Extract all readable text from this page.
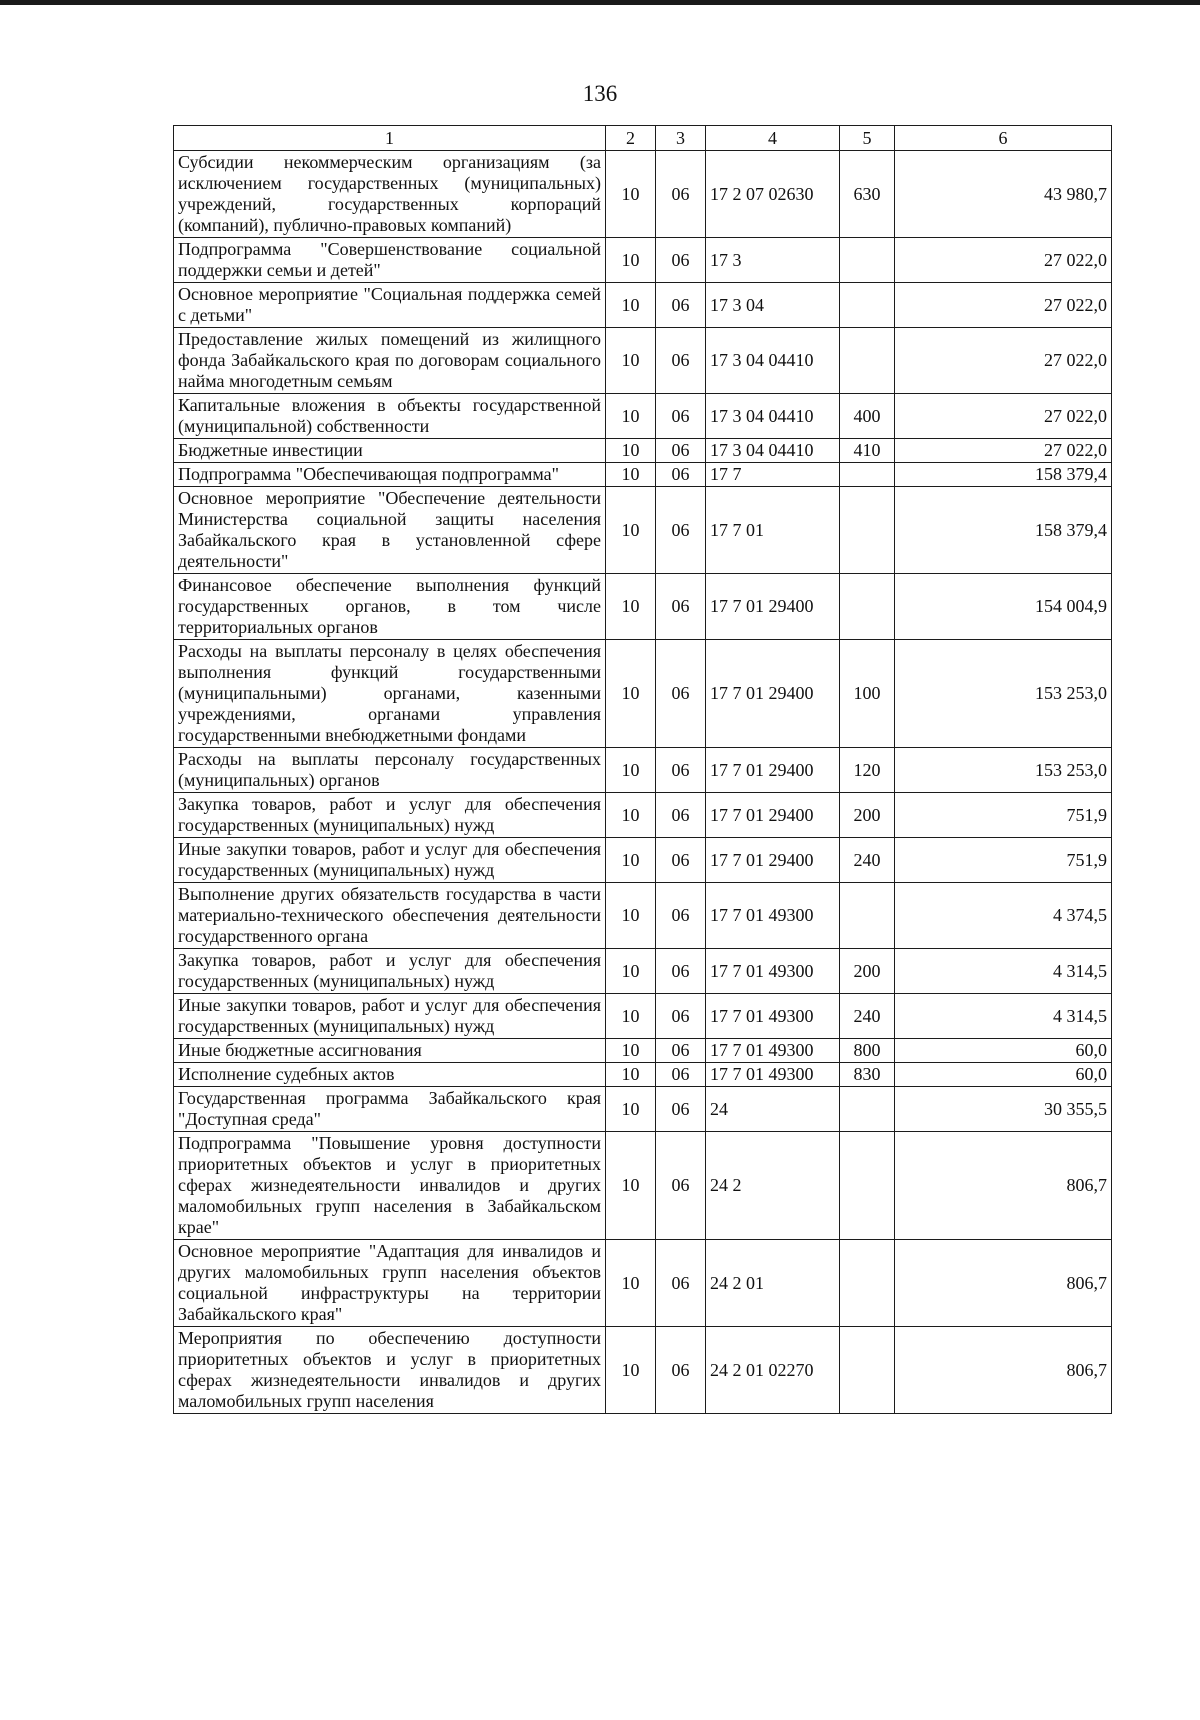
136
1	2	3	4	5	6
Субсидии некоммерческим организациям (за исключением государственных (муниципальных) учреждений, государственных корпораций (компаний), публично-правовых компаний)	10	06	17 2 07 02630	630	43 980,7
Подпрограмма "Совершенствование социальной поддержки семьи и детей"	10	06	17 3		27 022,0
Основное мероприятие "Социальная поддержка семей с детьми"	10	06	17 3 04		27 022,0
Предоставление жилых помещений из жилищного фонда Забайкальского края по договорам социального найма многодетным семьям	10	06	17 3 04 04410		27 022,0
Капитальные вложения в объекты государственной (муниципальной) собственности	10	06	17 3 04 04410	400	27 022,0
Бюджетные инвестиции	10	06	17 3 04 04410	410	27 022,0
Подпрограмма "Обеспечивающая подпрограмма"	10	06	17 7		158 379,4
Основное мероприятие "Обеспечение деятельности Министерства социальной защиты населения Забайкальского края в установленной сфере деятельности"	10	06	17 7 01		158 379,4
Финансовое обеспечение выполнения функций государственных органов, в том числе территориальных органов	10	06	17 7 01 29400		154 004,9
Расходы на выплаты персоналу в целях обеспечения выполнения функций государственными (муниципальными) органами, казенными учреждениями, органами управления государственными внебюджетными фондами	10	06	17 7 01 29400	100	153 253,0
Расходы на выплаты персоналу государственных (муниципальных) органов	10	06	17 7 01 29400	120	153 253,0
Закупка товаров, работ и услуг для обеспечения государственных (муниципальных) нужд	10	06	17 7 01 29400	200	751,9
Иные закупки товаров, работ и услуг для обеспечения государственных (муниципальных) нужд	10	06	17 7 01 29400	240	751,9
Выполнение других обязательств государства в части материально-технического обеспечения деятельности государственного органа	10	06	17 7 01 49300		4 374,5
Закупка товаров, работ и услуг для обеспечения государственных (муниципальных) нужд	10	06	17 7 01 49300	200	4 314,5
Иные закупки товаров, работ и услуг для обеспечения государственных (муниципальных) нужд	10	06	17 7 01 49300	240	4 314,5
Иные бюджетные ассигнования	10	06	17 7 01 49300	800	60,0
Исполнение судебных актов	10	06	17 7 01 49300	830	60,0
Государственная программа Забайкальского края "Доступная среда"	10	06	24		30 355,5
Подпрограмма "Повышение уровня доступности приоритетных объектов и услуг в приоритетных сферах жизнедеятельности инвалидов и других маломобильных групп населения в Забайкальском крае"	10	06	24 2		806,7
Основное мероприятие "Адаптация для инвалидов и других маломобильных групп населения объектов социальной инфраструктуры на территории Забайкальского края"	10	06	24 2 01		806,7
Мероприятия по обеспечению доступности приоритетных объектов и услуг в приоритетных сферах жизнедеятельности инвалидов и других маломобильных групп населения	10	06	24 2 01 02270		806,7
